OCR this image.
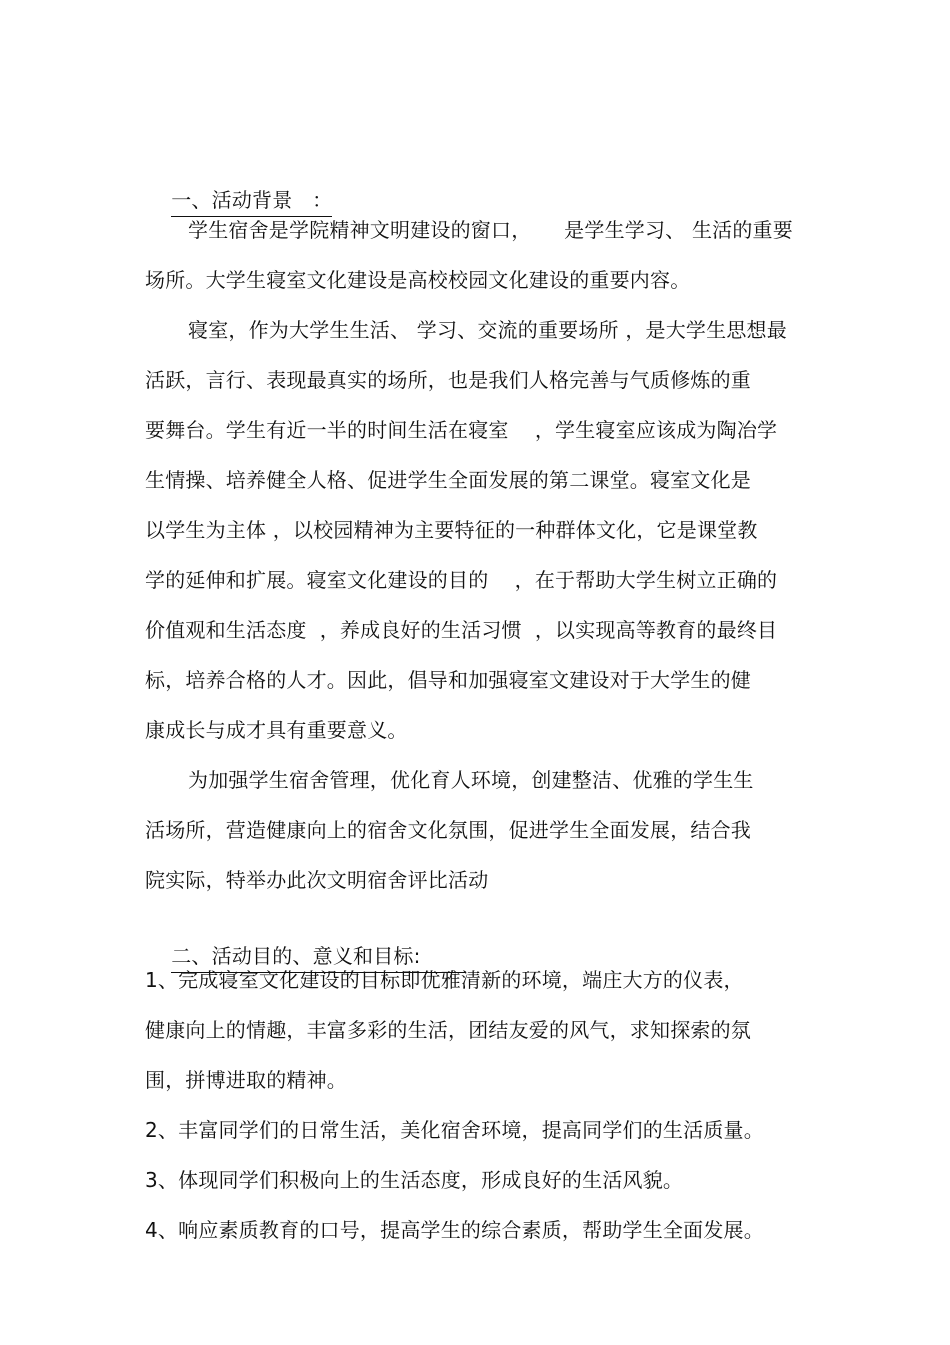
一、活动背景   ：

学生宿舍是学院精神文明建设的窗口，     是学生学习、 生活的重要
场所。大学生寝室文化建设是高校校园文化建设的重要内容。
寝室，作为大学生生活、 学习、交流的重要场所 ，是大学生思想最
活跃，言行、表现最真实的场所，也是我们人格完善与气质修炼的重
要舞台。学生有近一半的时间生活在寝室    ，学生寝室应该成为陶冶学
生情操、培养健全人格、促进学生全面发展的第二课堂。寝室文化是
以学生为主体 ，以校园精神为主要特征的一种群体文化，它是课堂教
学的延伸和扩展。寝室文化建设的目的    ，在于帮助大学生树立正确的
价值观和生活态度  ，养成良好的生活习惯  ，以实现高等教育的最终目
标，培养合格的人才。因此，倡导和加强寝室文建设对于大学生的健
康成长与成才具有重要意义。
为加强学生宿舍管理，优化育人环境，创建整洁、优雅的学生生
活场所，营造健康向上的宿舍文化氛围，促进学生全面发展，结合我
院实际，特举办此次文明宿舍评比活动

二、活动目的、意义和目标:

1、完成寝室文化建设的目标即优雅清新的环境，端庄大方的仪表，
健康向上的情趣，丰富多彩的生活，团结友爱的风气，求知探索的氛
围，拼博进取的精神。
2、丰富同学们的日常生活，美化宿舍环境，提高同学们的生活质量。
3、体现同学们积极向上的生活态度，形成良好的生活风貌。
4、响应素质教育的口号，提高学生的综合素质，帮助学生全面发展。
